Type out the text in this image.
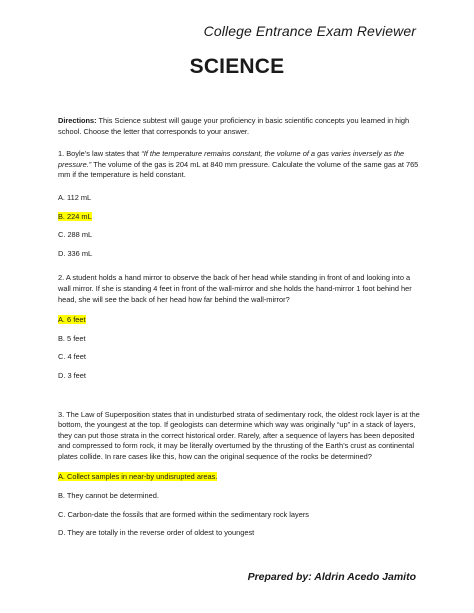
College Entrance Exam Reviewer
SCIENCE

Directions: This Science subtest will gauge your proficiency in basic scientific concepts you learned in high school. Choose the letter that corresponds to your answer.

1. Boyle’s law states that “If the temperature remains constant, the volume of a gas varies inversely as the pressure.” The volume of the gas is 204 mL at 840 mm pressure. Calculate the volume of the same gas at 765 mm if the temperature is held constant.

A. 112 mL
B. 224 mL
C. 288 mL
D. 336 mL

2. A student holds a hand mirror to observe the back of her head while standing in front of and looking into a wall mirror. If she is standing 4 feet in front of the wall-mirror and she holds the hand-mirror 1 foot behind her head, she will see the back of her head how far behind the wall-mirror?

A. 6 feet
B. 5 feet
C. 4 feet
D. 3 feet

3. The Law of Superposition states that in undisturbed strata of sedimentary rock, the oldest rock layer is at the bottom, the youngest at the top. If geologists can determine which way was originally “up” in a stack of layers, they can put those strata in the correct historical order. Rarely, after a sequence of layers has been deposited and compressed to form rock, it may be literally overturned by the thrusting of the Earth’s crust as continental plates collide. In rare cases like this, how can the original sequence of the rocks be determined?

A. Collect samples in near-by undisrupted areas.
B. They cannot be determined.
C. Carbon-date the fossils that are formed within the sedimentary rock layers
D. They are totally in the reverse order of oldest to youngest
Prepared by: Aldrin Acedo Jamito
